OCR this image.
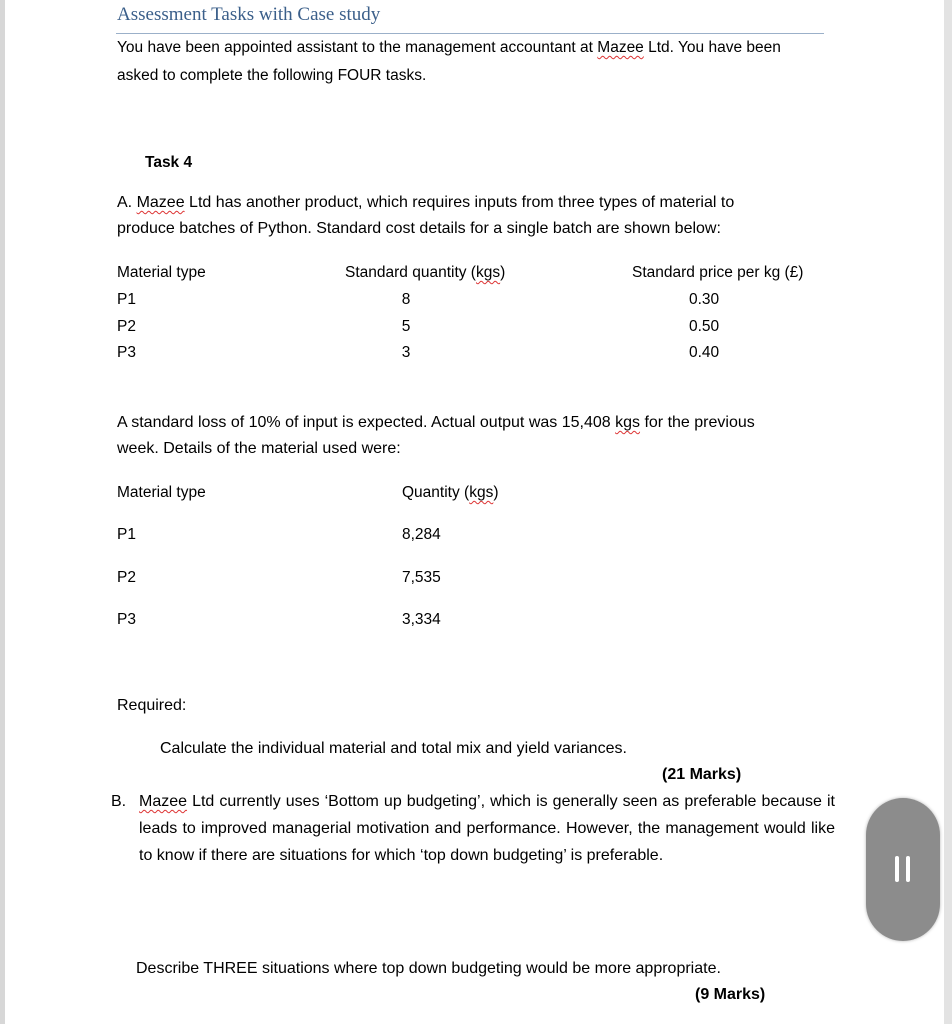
Assessment Tasks with Case study
You have been appointed assistant to the management accountant at Mazee Ltd. You have been
asked to complete the following FOUR tasks.
Task 4
A. Mazee Ltd has another product, which requires inputs from three types of material to
produce batches of Python. Standard cost details for a single batch are shown below:
Material type	Standard quantity (kgs)	Standard price per kg (£)
P1	8	0.30
P2	5	0.50
P3	3	0.40
A standard loss of 10% of input is expected. Actual output was 15,408 kgs for the previous
week. Details of the material used were:
Material type	Quantity (kgs)
P1	8,284
P2	7,535
P3	3,334
Required:
Calculate the individual material and total mix and yield variances.
(21 Marks)
B. Mazee Ltd currently uses ‘Bottom up budgeting’, which is generally seen as preferable because it leads to improved managerial motivation and performance. However, the management would like to know if there are situations for which ‘top down budgeting’ is preferable.
Describe THREE situations where top down budgeting would be more appropriate.
(9 Marks)
